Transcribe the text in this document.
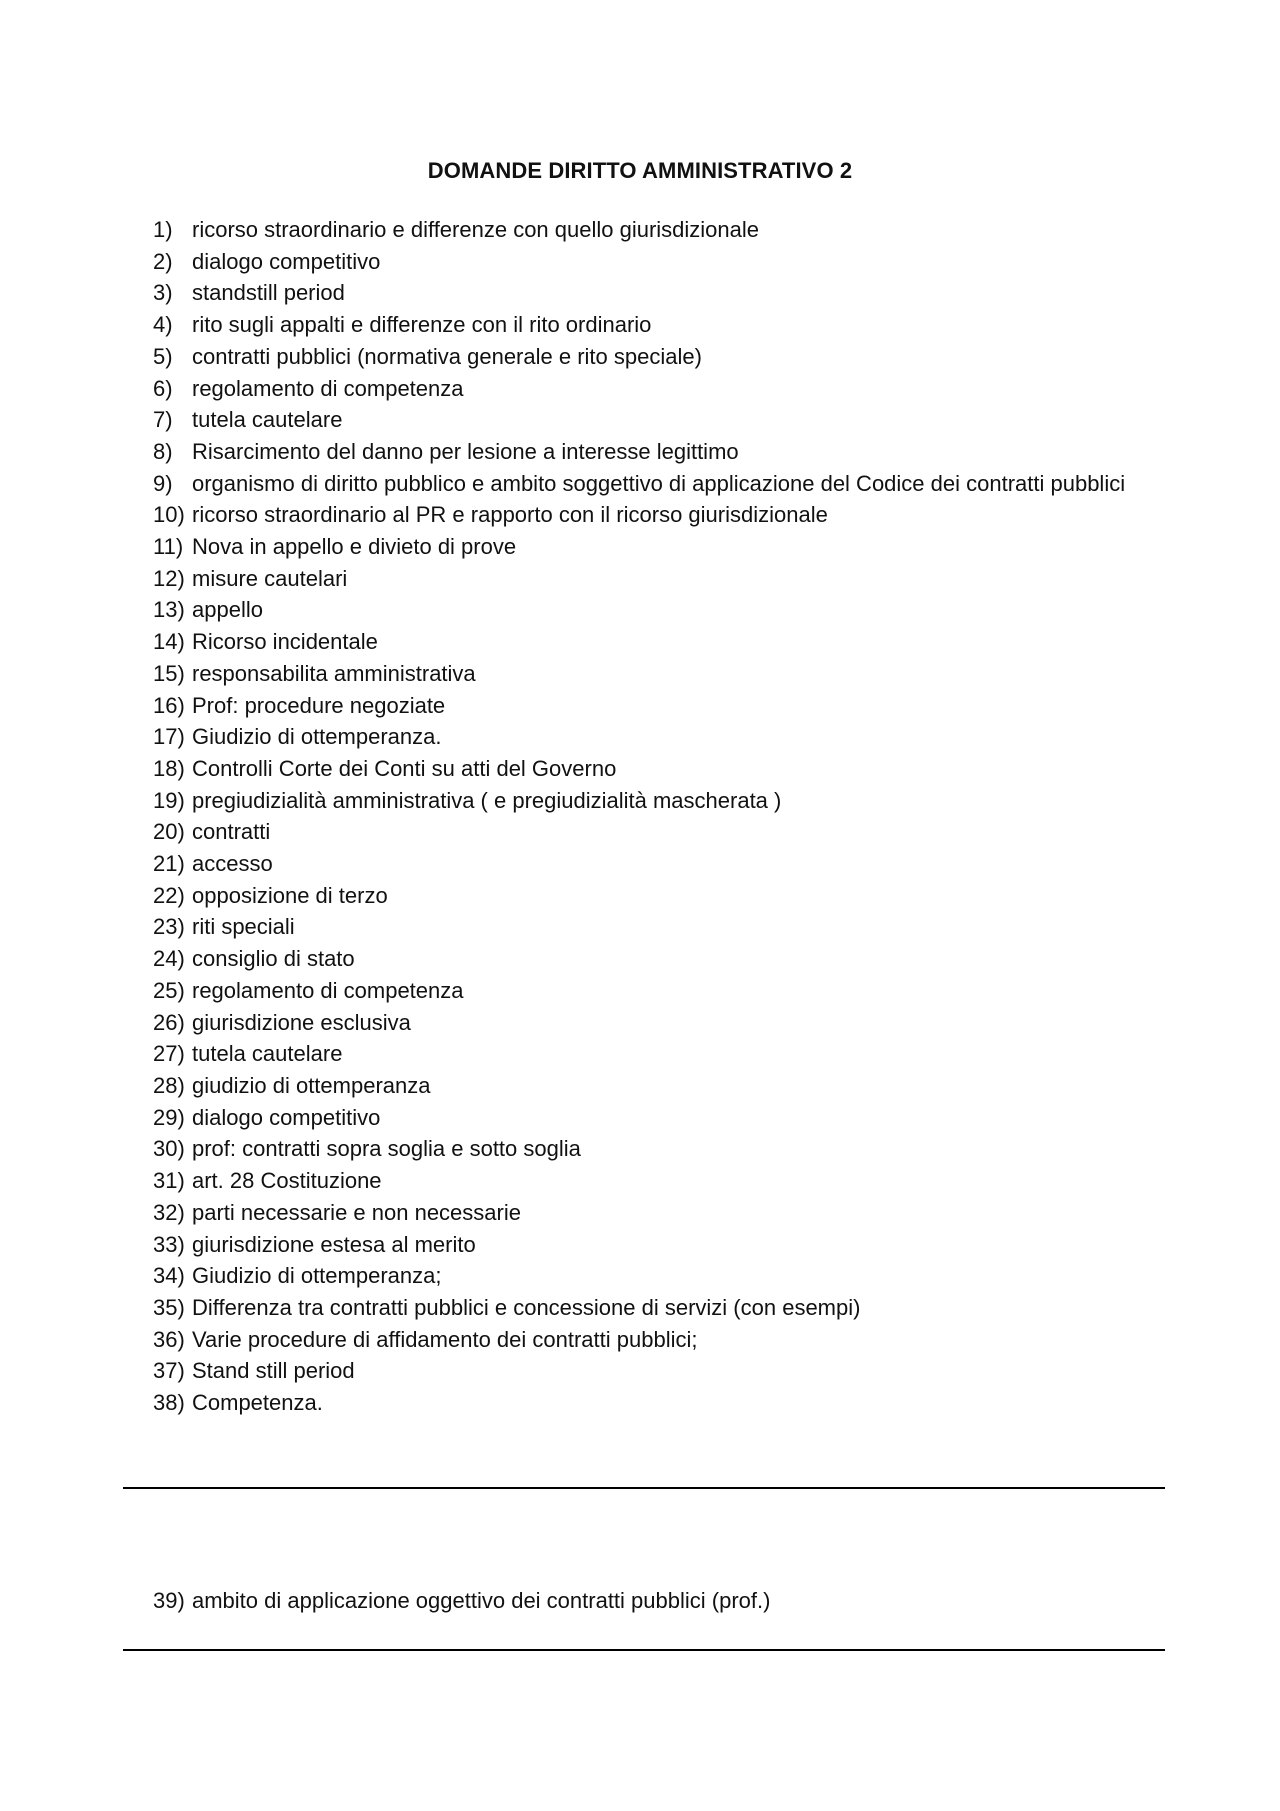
DOMANDE DIRITTO AMMINISTRATIVO 2
1) ricorso straordinario e differenze con quello giurisdizionale
2) dialogo competitivo
3) standstill period
4) rito sugli appalti e differenze con il rito ordinario
5) contratti pubblici (normativa generale e rito speciale)
6) regolamento di competenza
7) tutela cautelare
8) Risarcimento del danno per lesione a interesse legittimo
9) organismo di diritto pubblico e ambito soggettivo di applicazione del Codice dei contratti pubblici
10) ricorso straordinario al PR e rapporto con il ricorso giurisdizionale
11) Nova in appello e divieto di prove
12) misure cautelari
13) appello
14) Ricorso incidentale
15) responsabilita amministrativa
16) Prof: procedure negoziate
17) Giudizio di ottemperanza.
18) Controlli Corte dei Conti su atti del Governo
19) pregiudizialità amministrativa ( e pregiudizialità mascherata )
20) contratti
21) accesso
22) opposizione di terzo
23) riti speciali
24) consiglio di stato
25) regolamento di competenza
26) giurisdizione esclusiva
27) tutela cautelare
28) giudizio di ottemperanza
29) dialogo competitivo
30) prof: contratti sopra soglia e sotto soglia
31) art. 28 Costituzione
32) parti necessarie e non necessarie
33) giurisdizione estesa al merito
34) Giudizio di ottemperanza;
35) Differenza tra contratti pubblici e concessione di servizi (con esempi)
36) Varie procedure di affidamento dei contratti pubblici;
37) Stand still period
38) Competenza.
39) ambito di applicazione oggettivo dei contratti pubblici (prof.)
